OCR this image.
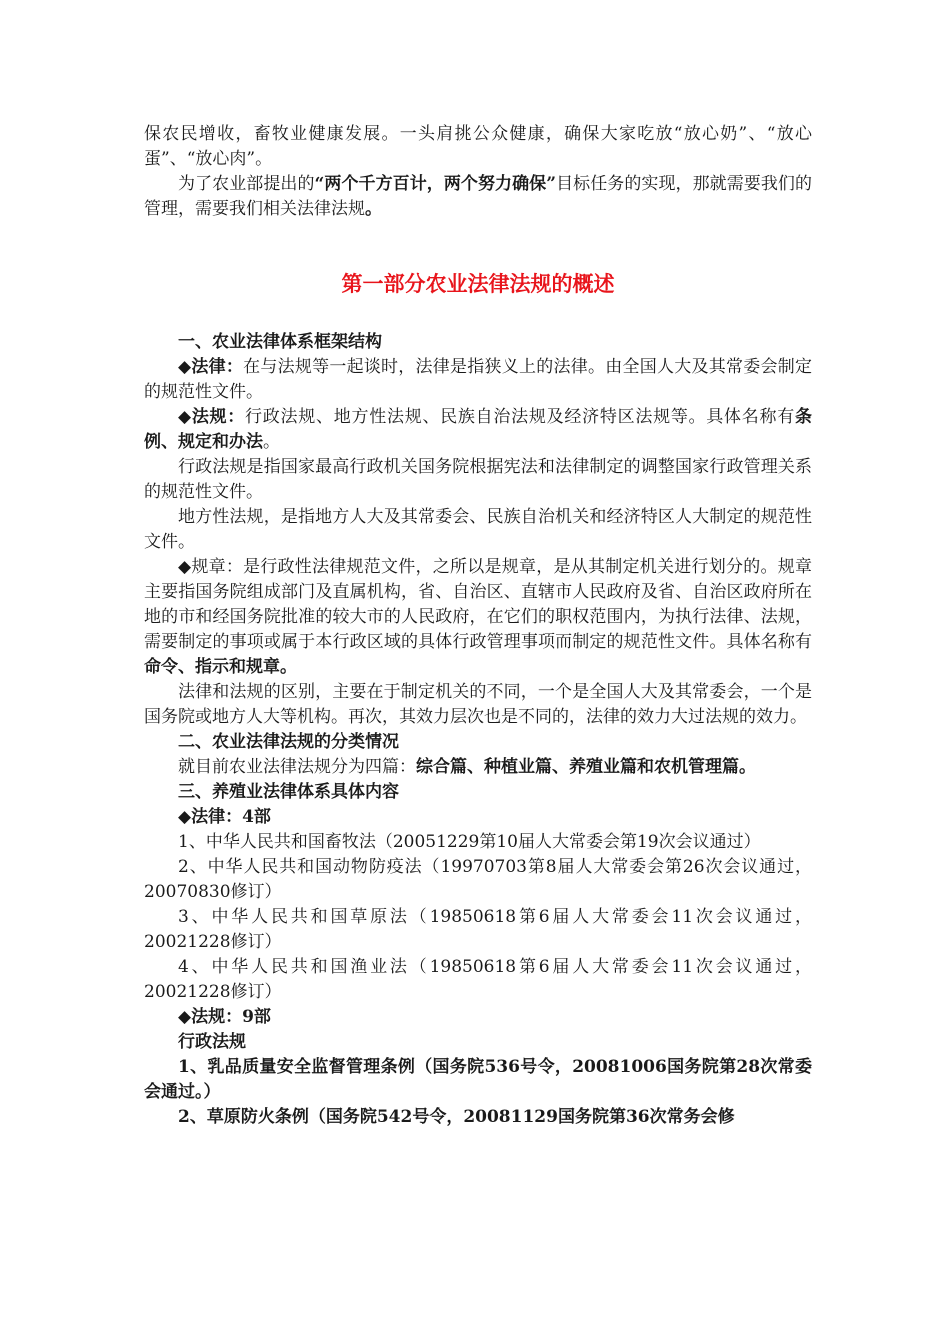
保农民增收，畜牧业健康发展。一头肩挑公众健康，确保大家吃放“放心奶”、“放心蛋”、“放心肉”。

为了农业部提出的“两个千方百计，两个努力确保”目标任务的实现，那就需要我们的管理，需要我们相关法律法规。

第一部分农业法律法规的概述

一、农业法律体系框架结构

◆法律：在与法规等一起谈时，法律是指狭义上的法律。由全国人大及其常委会制定的规范性文件。

◆法规：行政法规、地方性法规、民族自治法规及经济特区法规等。具体名称有条例、规定和办法。

行政法规是指国家最高行政机关国务院根据宪法和法律制定的调整国家行政管理关系的规范性文件。

地方性法规，是指地方人大及其常委会、民族自治机关和经济特区人大制定的规范性文件。

◆规章：是行政性法律规范文件，之所以是规章，是从其制定机关进行划分的。规章主要指国务院组成部门及直属机构，省、自治区、直辖市人民政府及省、自治区政府所在地的市和经国务院批准的较大市的人民政府，在它们的职权范围内，为执行法律、法规，需要制定的事项或属于本行政区域的具体行政管理事项而制定的规范性文件。具体名称有命令、指示和规章。

法律和法规的区别，主要在于制定机关的不同，一个是全国人大及其常委会，一个是国务院或地方人大等机构。再次，其效力层次也是不同的，法律的效力大过法规的效力。

二、农业法律法规的分类情况

就目前农业法律法规分为四篇：综合篇、种植业篇、养殖业篇和农机管理篇。

三、养殖业法律体系具体内容

◆法律：4部

1、中华人民共和国畜牧法（20051229第10届人大常委会第19次会议通过）

2、中华人民共和国动物防疫法（19970703第8届人大常委会第26次会议通过，20070830修订）

3、中华人民共和国草原法（19850618第6届人大常委会11次会议通过，20021228修订）

4、中华人民共和国渔业法（19850618第6届人大常委会11次会议通过，20021228修订）

◆法规：9部

行政法规

1、乳品质量安全监督管理条例（国务院536号令，20081006国务院第28次常委会通过。）

2、草原防火条例（国务院542号令，20081129国务院第36次常务会修
